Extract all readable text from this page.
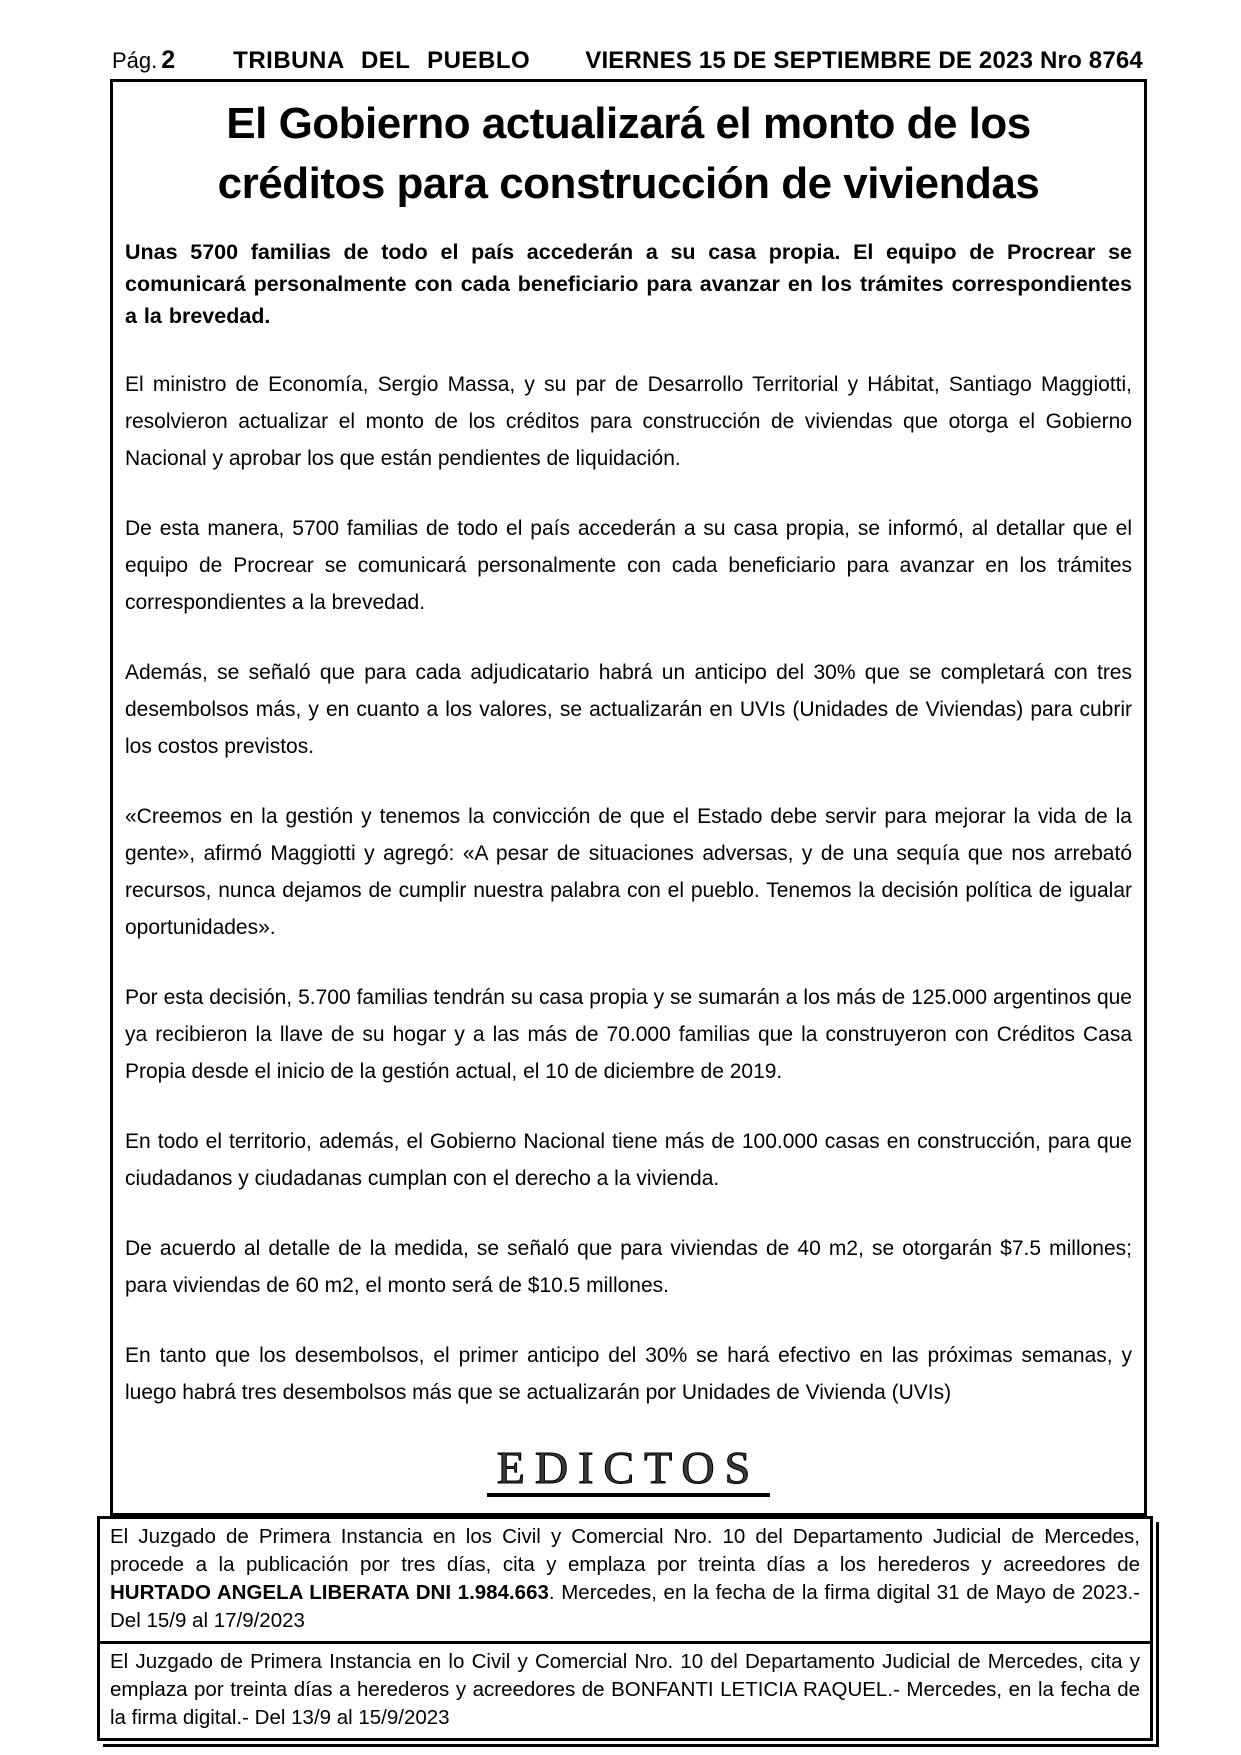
Pág. 2 TRIBUNA DEL PUEBLO VIERNES 15 DE SEPTIEMBRE DE 2023 Nro 8764
El Gobierno actualizará el monto de los
créditos para construcción de viviendas

Unas 5700 familias de todo el país accederán a su casa propia. El equipo de Procrear se comunicará personalmente con cada beneficiario para avanzar en los trámites correspondientes a la brevedad.

El ministro de Economía, Sergio Massa, y su par de Desarrollo Territorial y Hábitat, Santiago Maggiotti, resolvieron actualizar el monto de los créditos para construcción de viviendas que otorga el Gobierno Nacional y aprobar los que están pendientes de liquidación.

De esta manera, 5700 familias de todo el país accederán a su casa propia, se informó, al detallar que el equipo de Procrear se comunicará personalmente con cada beneficiario para avanzar en los trámites correspondientes a la brevedad.

Además, se señaló que para cada adjudicatario habrá un anticipo del 30% que se completará con tres desembolsos más, y en cuanto a los valores, se actualizarán en UVIs (Unidades de Viviendas) para cubrir los costos previstos.

«Creemos en la gestión y tenemos la convicción de que el Estado debe servir para mejorar la vida de la gente», afirmó Maggiotti y agregó: «A pesar de situaciones adversas, y de una sequía que nos arrebató recursos, nunca dejamos de cumplir nuestra palabra con el pueblo. Tenemos la decisión política de igualar oportunidades».

Por esta decisión, 5.700 familias tendrán su casa propia y se sumarán a los más de 125.000 argentinos que ya recibieron la llave de su hogar y a las más de 70.000 familias que la construyeron con Créditos Casa Propia desde el inicio de la gestión actual, el 10 de diciembre de 2019.

En todo el territorio, además, el Gobierno Nacional tiene más de 100.000 casas en construcción, para que ciudadanos y ciudadanas cumplan con el derecho a la vivienda.

De acuerdo al detalle de la medida, se señaló que para viviendas de 40 m2, se otorgarán $7.5 millones; para viviendas de 60 m2, el monto será de $10.5 millones.

En tanto que los desembolsos, el primer anticipo del 30% se hará efectivo en las próximas semanas, y luego habrá tres desembolsos más que se actualizarán por Unidades de Vivienda (UVIs)

EDICTOS

El Juzgado de Primera Instancia en los Civil y Comercial Nro. 10 del Departamento Judicial de Mercedes, procede a la publicación por tres días, cita y emplaza por treinta días a los herederos y acreedores de HURTADO ANGELA LIBERATA DNI 1.984.663. Mercedes, en la fecha de la firma digital 31 de Mayo de 2023.- Del 15/9 al 17/9/2023

El Juzgado de Primera Instancia en lo Civil y Comercial Nro. 10 del Departamento Judicial de Mercedes, cita y emplaza por treinta días a herederos y acreedores de BONFANTI LETICIA RAQUEL.- Mercedes, en la fecha de la firma digital.- Del 13/9 al 15/9/2023
